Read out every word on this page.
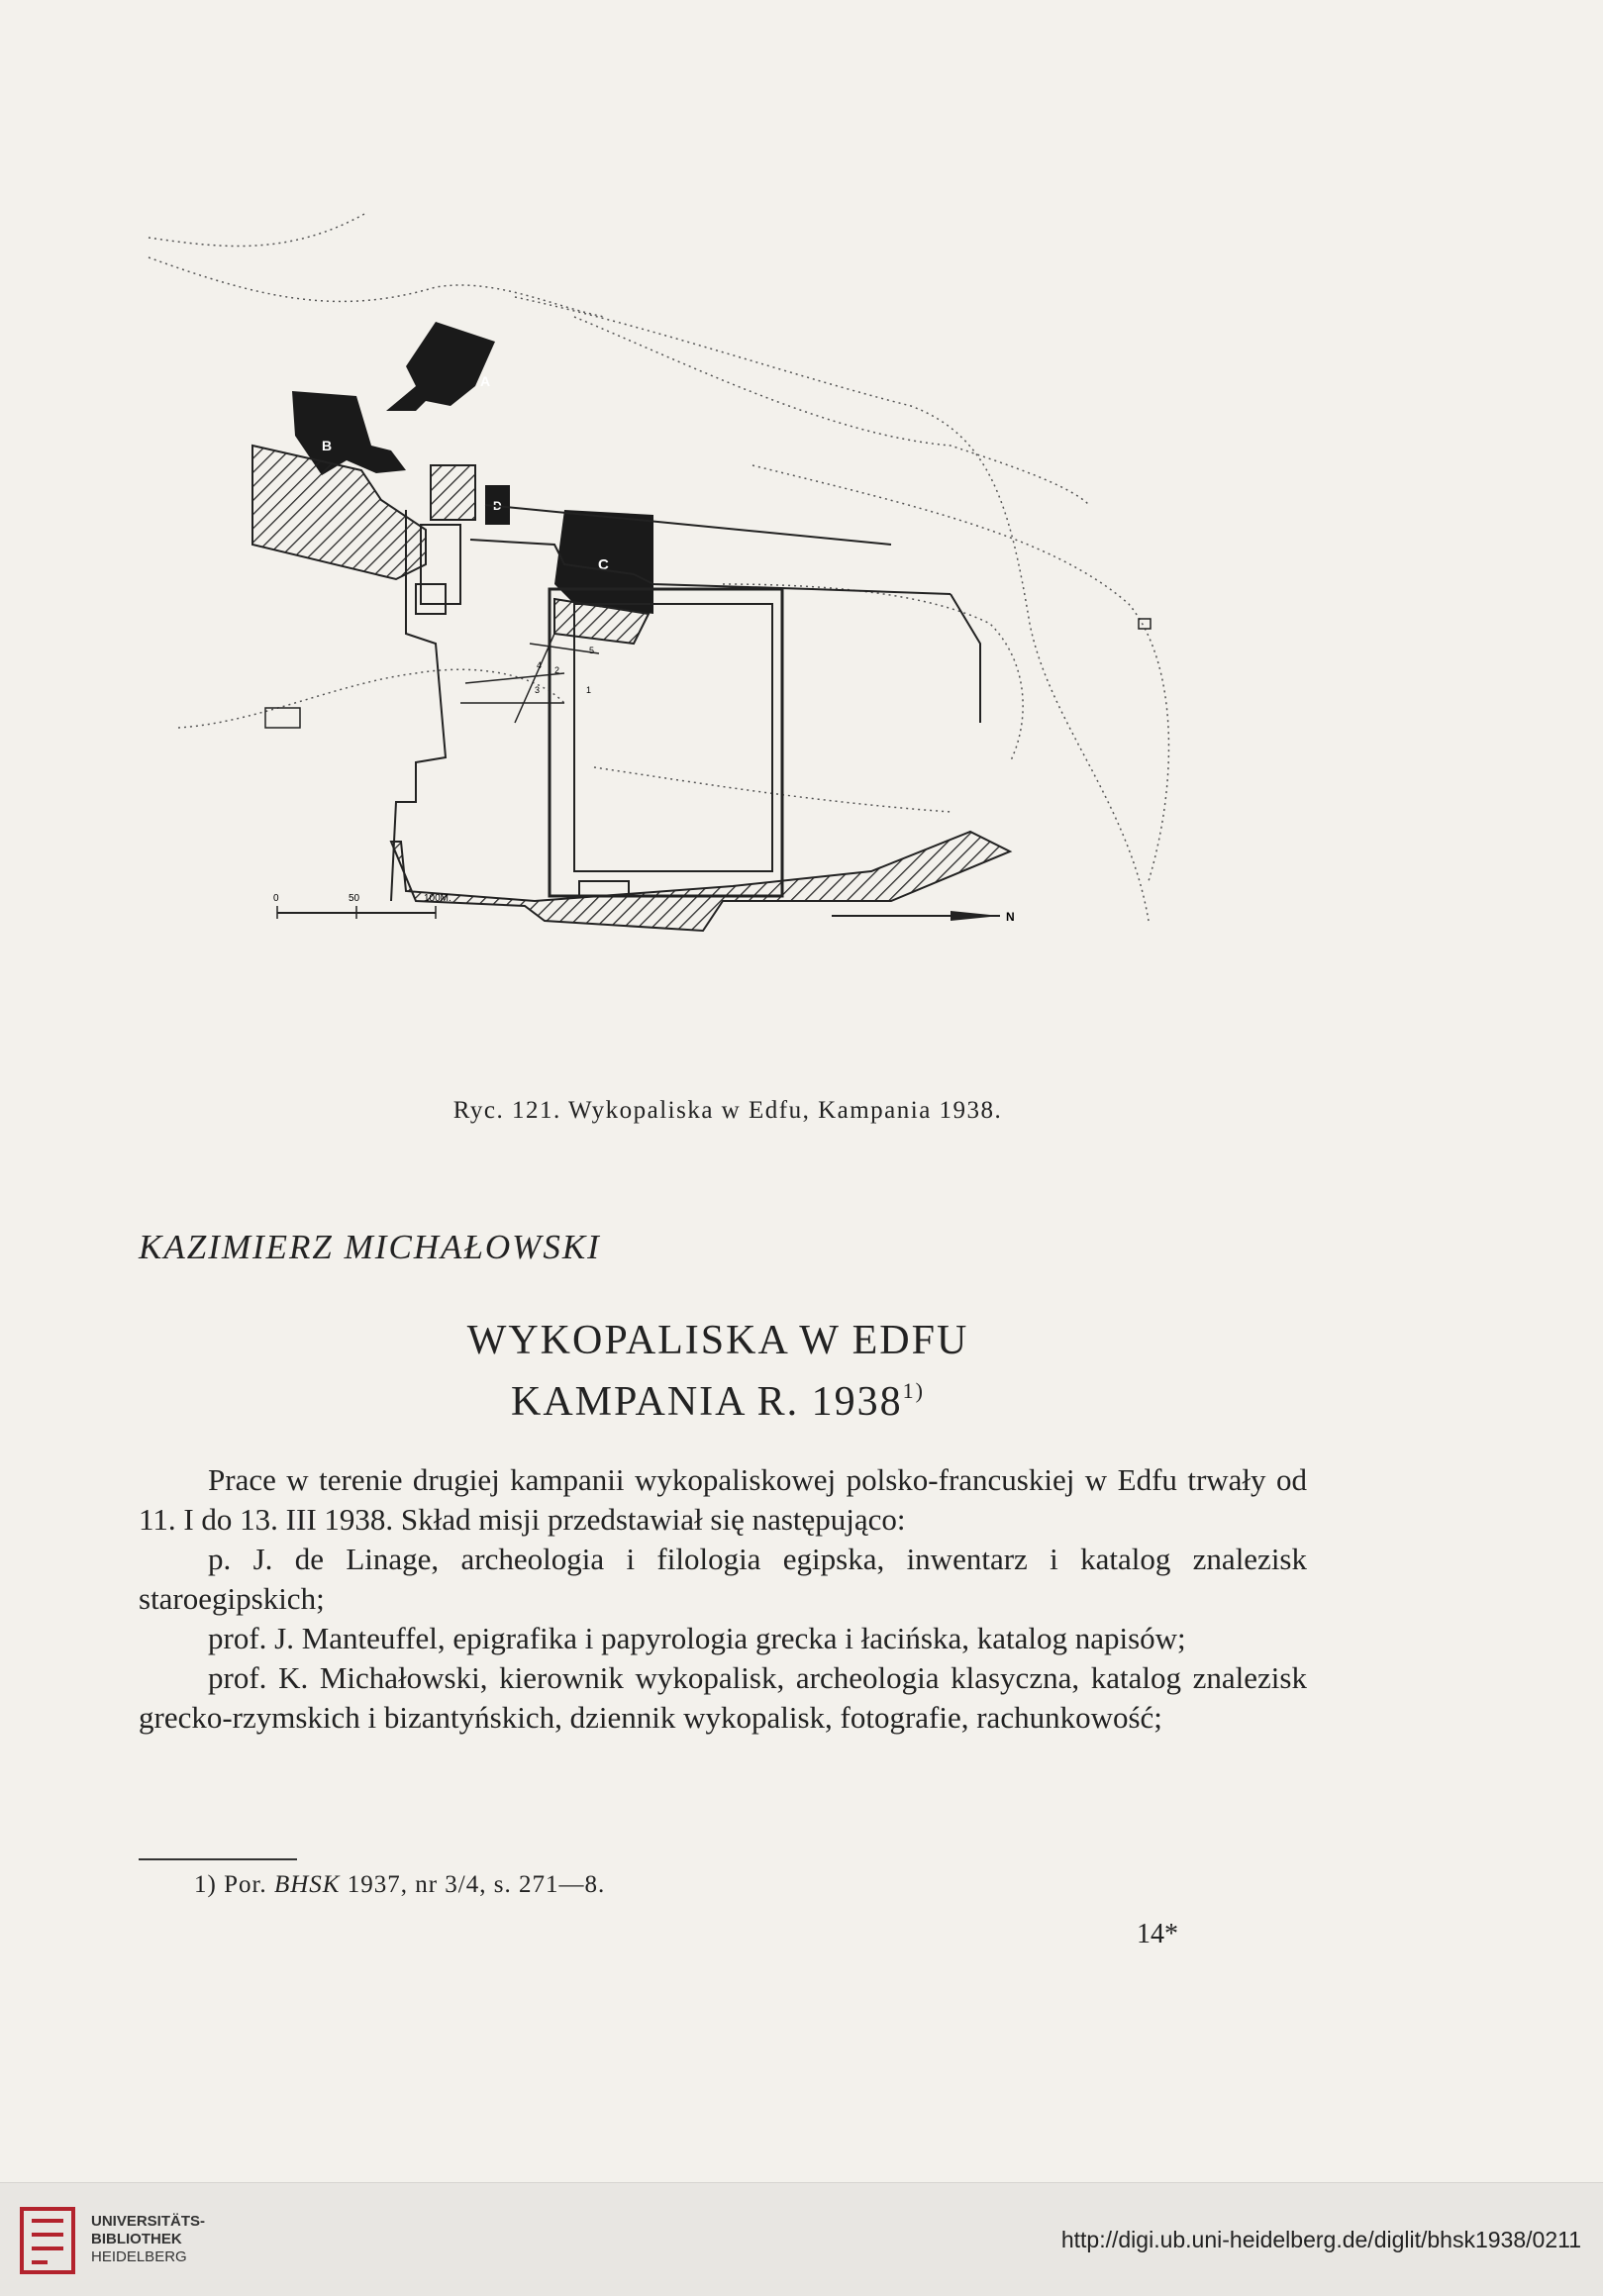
A
B
C
4 2
5
3	1
0	50	100M.
N
Ryc. 121. Wykopaliska w Edfu, Kampania 1938.
KAZIMIERZ MICHAŁOWSKI
WYKOPALISKA W EDFU
KAMPANIA R. 1938$^{1)}$

Prace w terenie drugiej kampanii wykopaliskowej polsko-francuskiej w Edfu trwały od 11. I do 13. III 1938. Skład misji przedstawiał się następująco:

p. J. de Linage, archeologia i filologia egipska, inwentarz i katalog znalezisk staroegipskich;

prof. J. Manteuffel, epigrafika i papyrologia grecka i łacińska, katalog napisów;

prof. K. Michałowski, kierownik wykopalisk, archeologia klasyczna, katalog znalezisk grecko-rzymskich i bizantyńskich, dziennik wykopalisk, fotografie, rachunkowość;

1) Por. BHSK 1937, nr 3/4, s. 271—8.
14*
UNIVERSITÄTS-
BIBLIOTHEK
HEIDELBERG
http://digi.ub.uni-heidelberg.de/diglit/bhsk1938/0211
